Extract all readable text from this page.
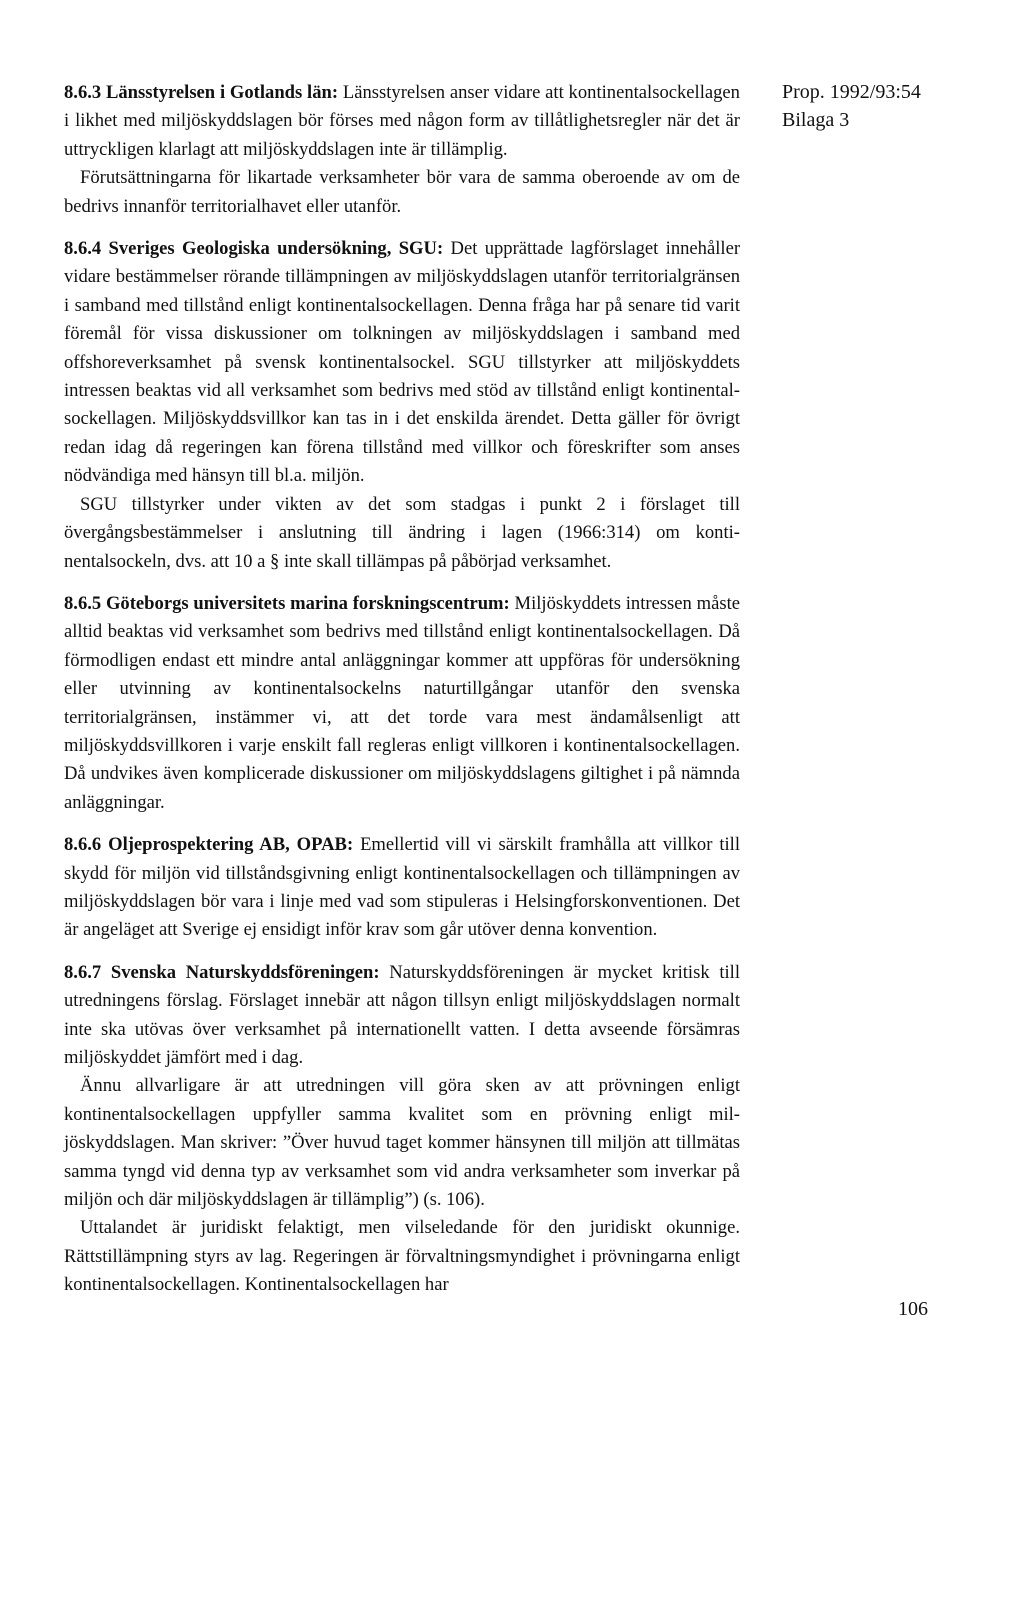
Prop. 1992/93:54
Bilaga 3

8.6.3 Länsstyrelsen i Gotlands län: Länsstyrelsen anser vidare att kontinentalsockellagen i likhet med miljöskyddslagen bör förses med någon form av tillåtlighetsregler när det är uttryckligen klarlagt att miljöskyddslagen inte är tillämplig.

Förutsättningarna för likartade verksamheter bör vara de samma oberoende av om de bedrivs innanför territorialhavet eller utanför.

8.6.4 Sveriges Geologiska undersökning, SGU: Det upprättade lagförslaget innehåller vidare bestämmelser rörande tillämpningen av miljöskyddslagen utanför territorialgränsen i samband med tillstånd enligt kontinentalsockellagen. Denna fråga har på senare tid varit föremål för vissa diskussioner om tolkningen av miljöskyddslagen i samband med offshoreverksamhet på svensk kontinentalsockel. SGU tillstyrker att miljöskyddets intressen beaktas vid all verksamhet som bedrivs med stöd av tillstånd enligt kontinentalsockellagen. Miljöskyddsvillkor kan tas in i det enskilda ärendet. Detta gäller för övrigt redan idag då regeringen kan förena tillstånd med villkor och föreskrifter som anses nödvändiga med hänsyn till bl.a. miljön.

SGU tillstyrker under vikten av det som stadgas i punkt 2 i förslaget till övergångsbestämmelser i anslutning till ändring i lagen (1966:314) om kontinentalsockeln, dvs. att 10 a § inte skall tillämpas på påbörjad verksamhet.

8.6.5 Göteborgs universitets marina forskningscentrum: Miljöskyddets intressen måste alltid beaktas vid verksamhet som bedrivs med tillstånd enligt kontinentalsockellagen. Då förmodligen endast ett mindre antal anläggningar kommer att uppföras för undersökning eller utvinning av kontinentalsockelns naturtillgångar utanför den svenska territorialgränsen, instämmer vi, att det torde vara mest ändamålsenligt att miljöskyddsvillkoren i varje enskilt fall regleras enligt villkoren i kontinentalsockellagen. Då undvikes även komplicerade diskussioner om miljöskyddslagens giltighet i på nämnda anläggningar.

8.6.6 Oljeprospektering AB, OPAB: Emellertid vill vi särskilt framhålla att villkor till skydd för miljön vid tillståndsgivning enligt kontinentalsockellagen och tillämpningen av miljöskyddslagen bör vara i linje med vad som stipuleras i Helsingforskonventionen. Det är angeläget att Sverige ej ensidigt inför krav som går utöver denna konvention.

8.6.7 Svenska Naturskyddsföreningen: Naturskyddsföreningen är mycket kritisk till utredningens förslag. Förslaget innebär att någon tillsyn enligt miljöskyddslagen normalt inte ska utövas över verksamhet på internationellt vatten. I detta avseende försämras miljöskyddet jämfört med i dag.

Ännu allvarligare är att utredningen vill göra sken av att prövningen enligt kontinentalsockellagen uppfyller samma kvalitet som en prövning enligt miljöskyddslagen. Man skriver: ”Över huvud taget kommer hänsynen till miljön att tillmätas samma tyngd vid denna typ av verksamhet som vid andra verksamheter som inverkar på miljön och där miljöskyddslagen är tillämplig”) (s. 106).

Uttalandet är juridiskt felaktigt, men vilseledande för den juridiskt okunnige. Rättstillämpning styrs av lag. Regeringen är förvaltningsmyndighet i prövningarna enligt kontinentalsockellagen. Kontinentalsockellagen har

106
